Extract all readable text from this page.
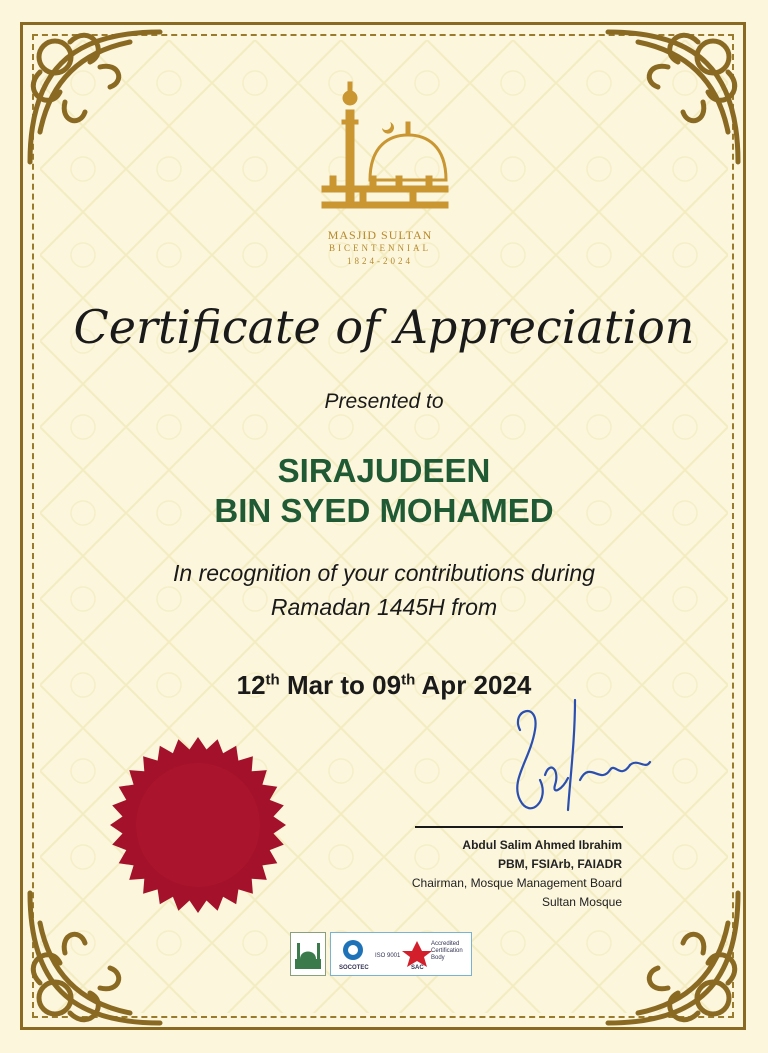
MASJID SULTAN
BICENTENNIAL
1824-2024
Certificate of Appreciation
Presented to
SIRAJUDEEN
BIN SYED MOHAMED
In recognition of your contributions during
Ramadan 1445H from
12th Mar to 09th Apr 2024
Abdul Salim Ahmed Ibrahim
PBM, FSIArb, FAIADR
Chairman, Mosque Management Board
Sultan Mosque
SOCOTEC
ISO 9001
Accredited Certification Body
SAC
